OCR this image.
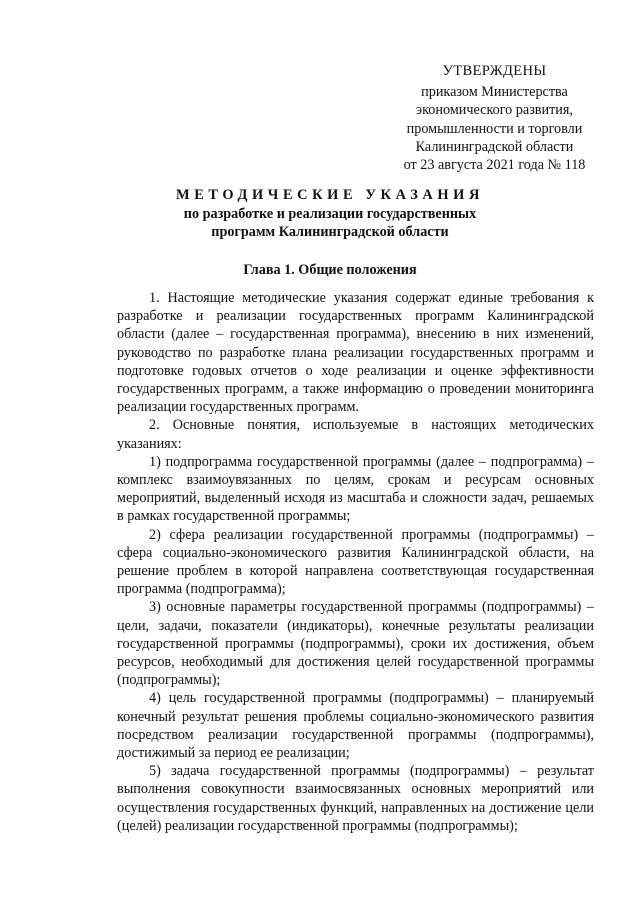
УТВЕРЖДЕНЫ
приказом Министерства
экономического развития,
промышленности и торговли
Калининградской области
от 23 августа 2021 года № 118
МЕТОДИЧЕСКИЕ УКАЗАНИЯ
по разработке и реализации государственных
программ Калининградской области
Глава 1. Общие положения

1. Настоящие методические указания содержат единые требования к разработке и реализации государственных программ Калининградской области (далее – государственная программа), внесению в них изменений, руководство по разработке плана реализации государственных программ и подготовке годовых отчетов о ходе реализации и оценке эффективности государственных программ, а также информацию о проведении мониторинга реализации государственных программ.

2. Основные понятия, используемые в настоящих методических указаниях:

1) подпрограмма государственной программы (далее – подпрограмма) – комплекс взаимоувязанных по целям, срокам и ресурсам основных мероприятий, выделенный исходя из масштаба и сложности задач, решаемых в рамках государственной программы;

2) сфера реализации государственной программы (подпрограммы) – сфера социально-экономического развития Калининградской области, на решение проблем в которой направлена соответствующая государственная программа (подпрограмма);

3) основные параметры государственной программы (подпрограммы) – цели, задачи, показатели (индикаторы), конечные результаты реализации государственной программы (подпрограммы), сроки их достижения, объем ресурсов, необходимый для достижения целей государственной программы (подпрограммы);

4) цель государственной программы (подпрограммы) – планируемый конечный результат решения проблемы социально-экономического развития посредством реализации государственной программы (подпрограммы), достижимый за период ее реализации;

5) задача государственной программы (подпрограммы) – результат выполнения совокупности взаимосвязанных основных мероприятий или осуществления государственных функций, направленных на достижение цели (целей) реализации государственной программы (подпрограммы);
